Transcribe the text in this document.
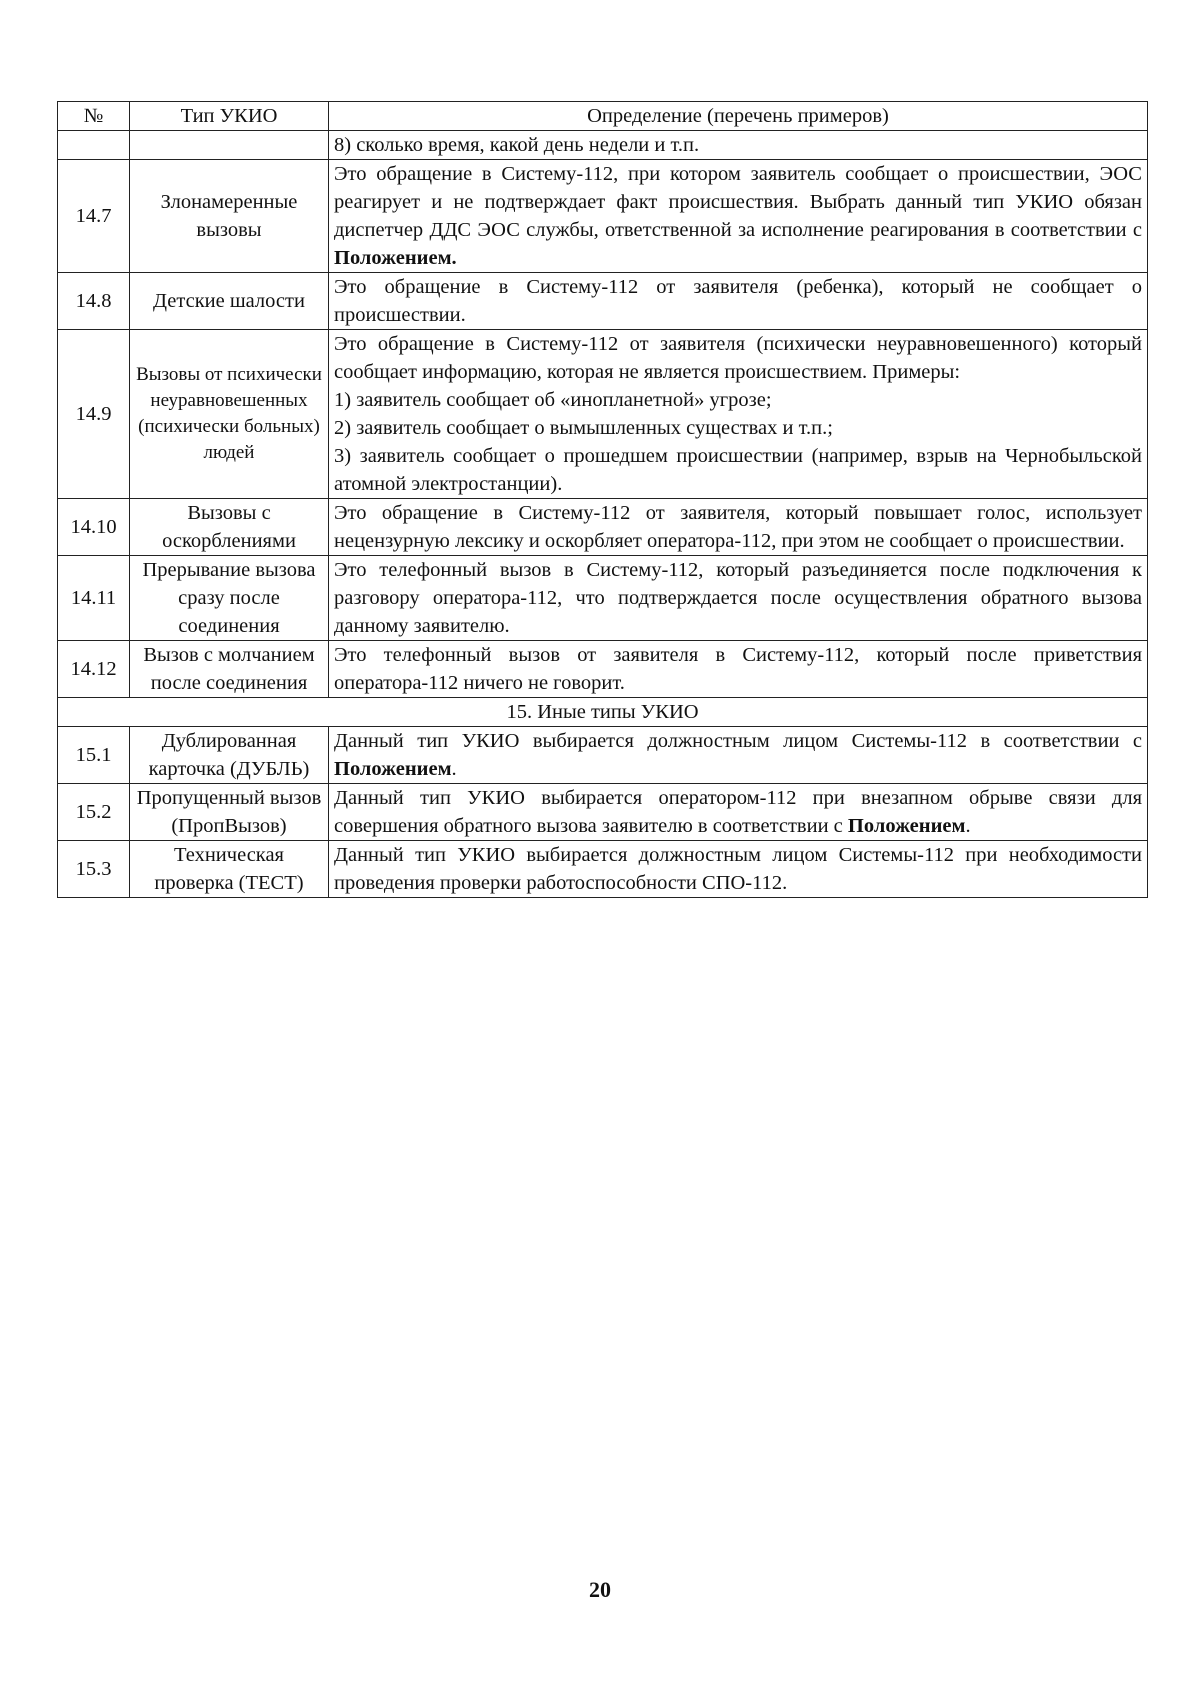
№	Тип УКИО	Определение (перечень примеров)
		8) сколько время, какой день недели и т.п.
14.7	Злонамеренные вызовы	Это обращение в Систему-112, при котором заявитель сообщает о происшествии, ЭОС реагирует и не подтверждает факт происшествия. Выбрать данный тип УКИО обязан диспетчер ДДС ЭОС службы, ответственной за исполнение реагирования в соответствии с Положением.
14.8	Детские шалости	Это обращение в Систему-112 от заявителя (ребенка), который не сообщает о происшествии.
14.9	Вызовы от психически неуравновешенных (психически больных) людей	Это обращение в Систему-112 от заявителя (психически неуравновешенного) который сообщает информацию, которая не является происшествием. Примеры:
1) заявитель сообщает об «инопланетной» угрозе;
2) заявитель сообщает о вымышленных существах и т.п.;
3) заявитель сообщает о прошедшем происшествии (например, взрыв на Чернобыльской атомной электростанции).

14.10	Вызовы с оскорблениями	Это обращение в Систему-112 от заявителя, который повышает голос, использует нецензурную лексику и оскорбляет оператора-112, при этом не сообщает о происшествии.
14.11	Прерывание вызова сразу после соединения	Это телефонный вызов в Систему-112, который разъединяется после подключения к разговору оператора-112, что подтверждается после осуществления обратного вызова данному заявителю.
14.12	Вызов с молчанием после соединения	Это телефонный вызов от заявителя в Систему-112, который после приветствия оператора-112 ничего не говорит.
15. Иные типы УКИО		
15.1	Дублированная карточка (ДУБЛЬ)	Данный тип УКИО выбирается должностным лицом Системы-112 в соответствии с Положением.
15.2	Пропущенный вызов (ПропВызов)	Данный тип УКИО выбирается оператором-112 при внезапном обрыве связи для совершения обратного вызова заявителю в соответствии с Положением.
15.3	Техническая проверка (ТЕСТ)	Данный тип УКИО выбирается должностным лицом Системы-112 при необходимости проведения проверки работоспособности СПО-112.
20
